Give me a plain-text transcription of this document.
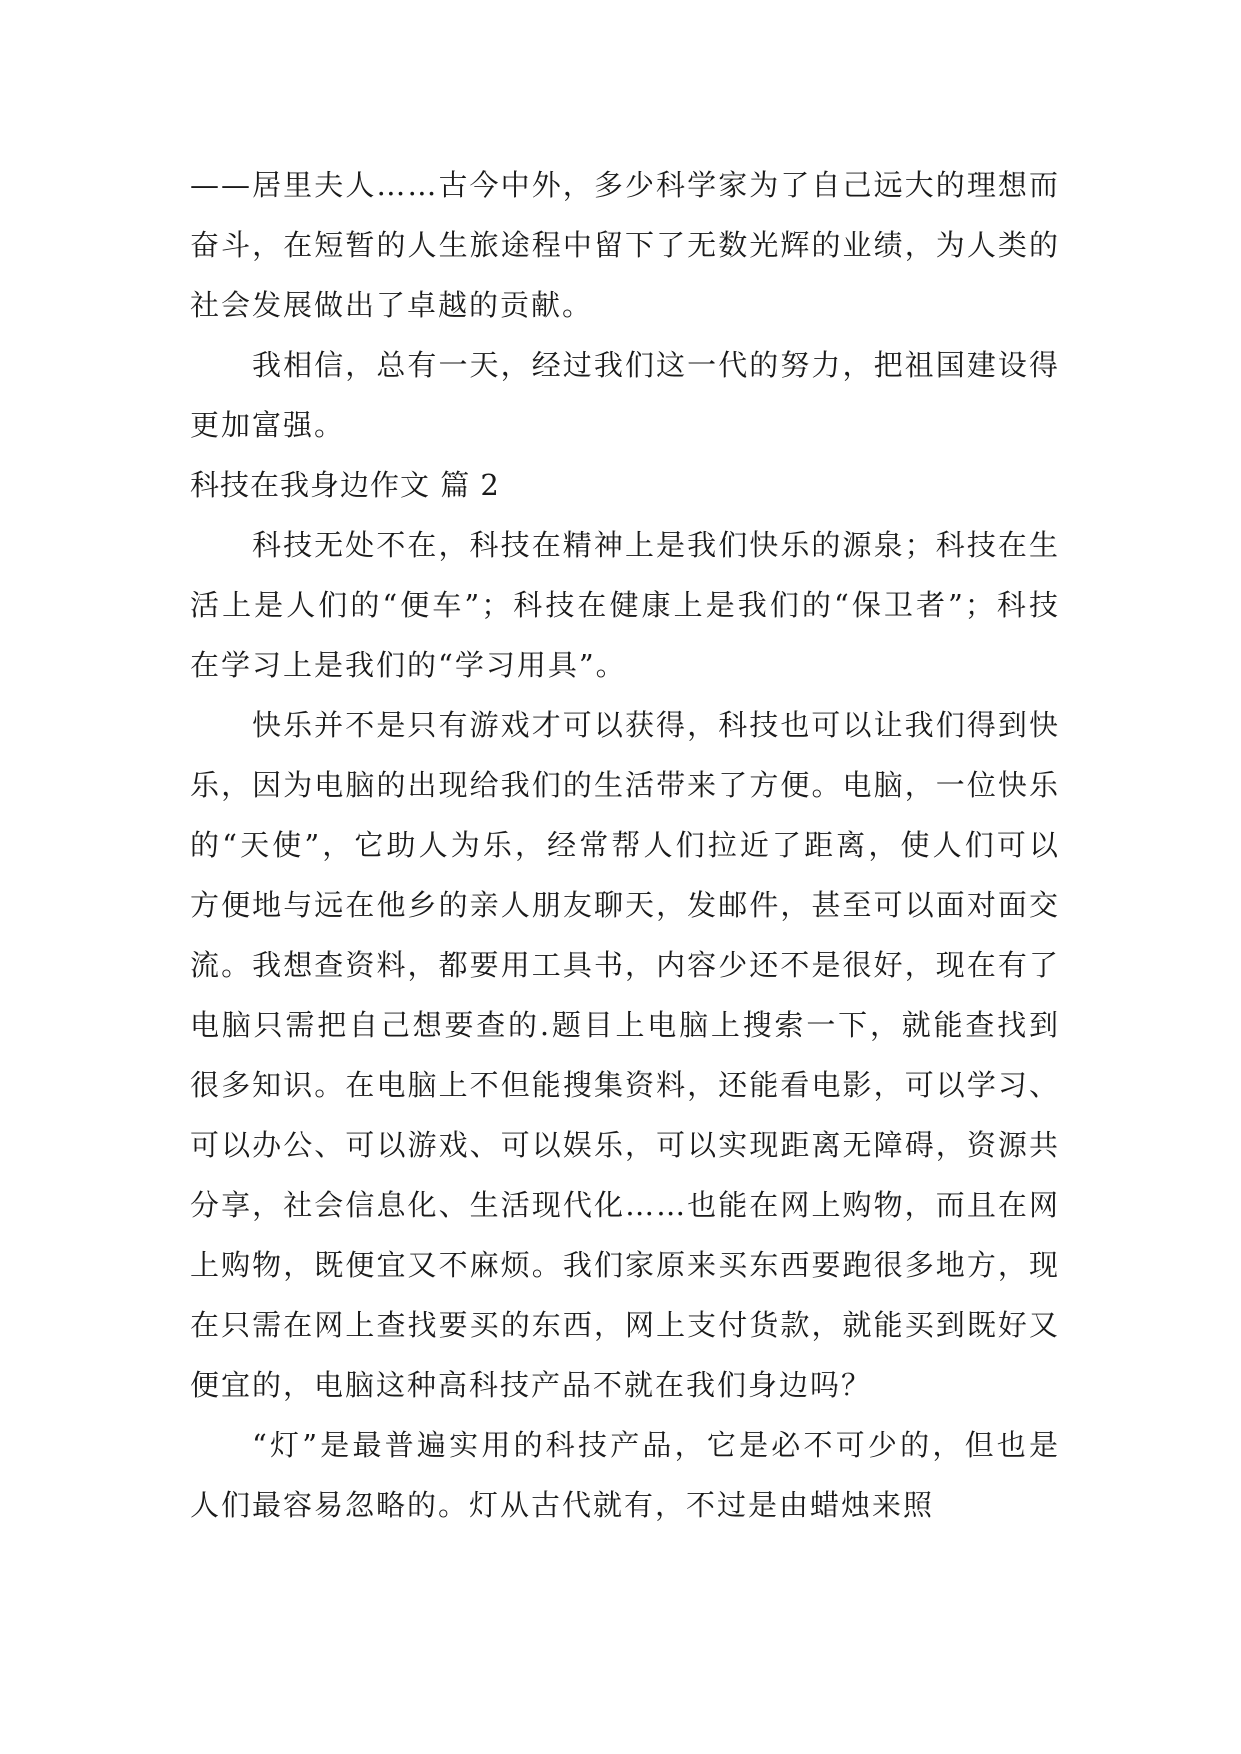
——居里夫人……古今中外，多少科学家为了自己远大的理想而奋斗，在短暂的人生旅途程中留下了无数光辉的业绩，为人类的社会发展做出了卓越的贡献。

我相信，总有一天，经过我们这一代的努力，把祖国建设得更加富强。

科技在我身边作文 篇 2

科技无处不在，科技在精神上是我们快乐的源泉；科技在生活上是人们的“便车”；科技在健康上是我们的“保卫者”；科技在学习上是我们的“学习用具”。

快乐并不是只有游戏才可以获得，科技也可以让我们得到快乐，因为电脑的出现给我们的生活带来了方便。电脑，一位快乐的“天使”，它助人为乐，经常帮人们拉近了距离，使人们可以方便地与远在他乡的亲人朋友聊天，发邮件，甚至可以面对面交流。我想查资料，都要用工具书，内容少还不是很好，现在有了电脑只需把自己想要查的.题目上电脑上搜索一下，就能查找到很多知识。在电脑上不但能搜集资料，还能看电影，可以学习、可以办公、可以游戏、可以娱乐，可以实现距离无障碍，资源共分享，社会信息化、生活现代化……也能在网上购物，而且在网上购物，既便宜又不麻烦。我们家原来买东西要跑很多地方，现在只需在网上查找要买的东西，网上支付货款，就能买到既好又便宜的，电脑这种高科技产品不就在我们身边吗？

“灯”是最普遍实用的科技产品，它是必不可少的，但也是人们最容易忽略的。灯从古代就有，不过是由蜡烛来照
